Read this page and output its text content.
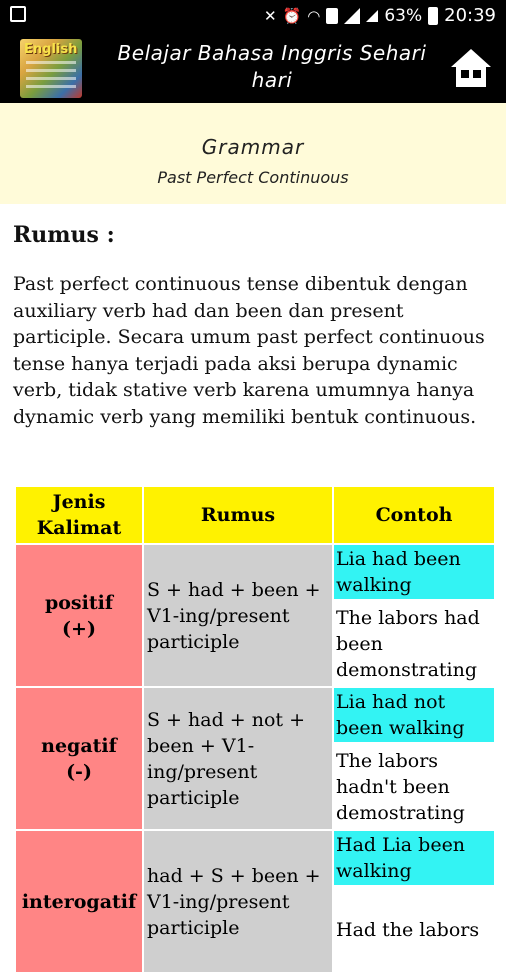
✕ ⏰ ◠	63% 20:39
English	Belajar Bahasa Inggris Sehari hari
Grammar
Past Perfect Continuous
Rumus :
Past perfect continuous tense dibentuk dengan auxiliary verb had dan been dan present participle. Secara umum past perfect continuous tense hanya terjadi pada aksi berupa dynamic verb, tidak stative verb karena umumnya hanya dynamic verb yang memiliki bentuk continuous.
Jenis Kalimat	Rumus	Contoh
positif (+)	S + had + been + V1-ing/present participle	Lia had been walking
		The labors had been demonstrating
negatif (-)	S + had + not + been + V1-ing/present participle	Lia had not been walking
		The labors hadn't been demostrating
interogatif	had + S + been + V1-ing/present participle	Had Lia been walking
		Had the labors
